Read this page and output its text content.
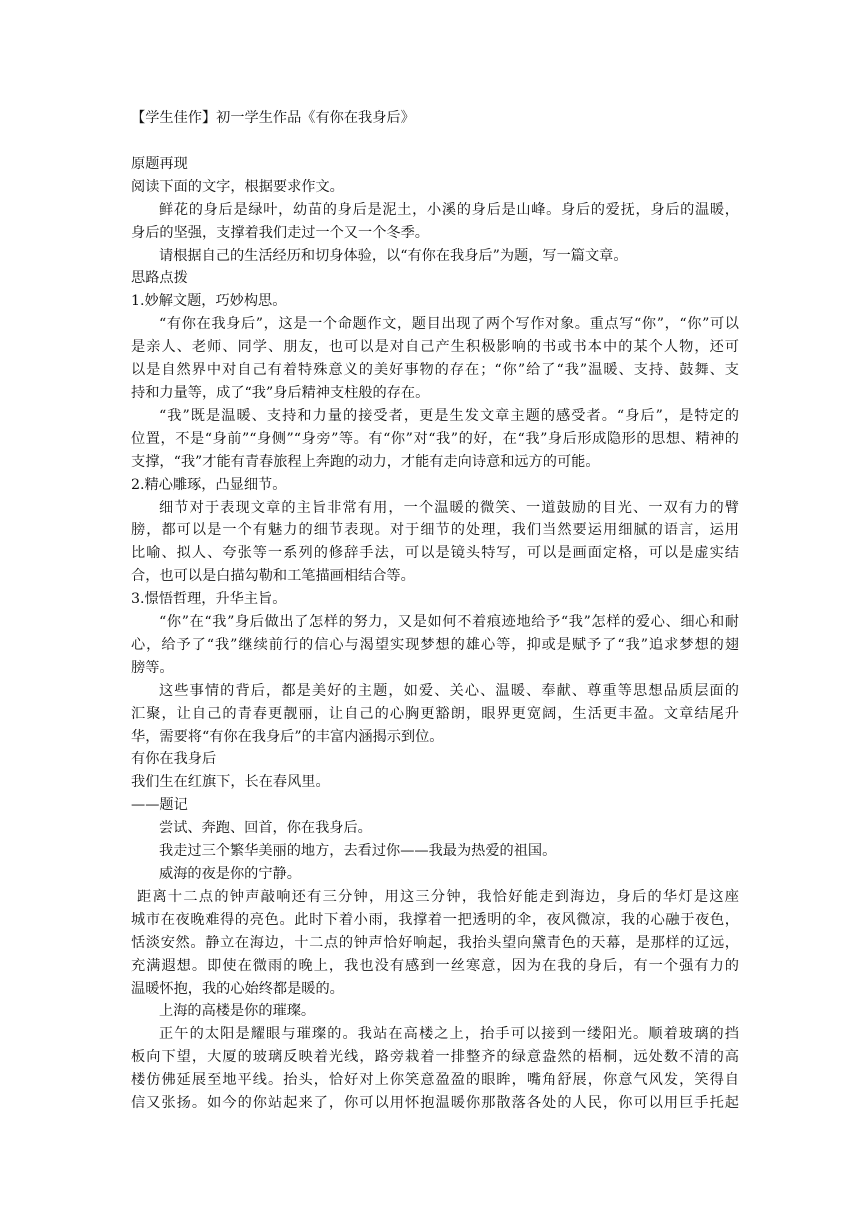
【学生佳作】初一学生作品《有你在我身后》
原题再现
阅读下面的文字，根据要求作文。
鲜花的身后是绿叶，幼苗的身后是泥土，小溪的身后是山峰。身后的爱抚，身后的温暖，
身后的坚强，支撑着我们走过一个又一个冬季。
请根据自己的生活经历和切身体验，以“有你在我身后”为题，写一篇文章。
思路点拨
1.妙解文题，巧妙构思。
“有你在我身后”，这是一个命题作文，题目出现了两个写作对象。重点写“你”，“你”可以
是亲人、老师、同学、朋友，也可以是对自己产生积极影响的书或书本中的某个人物，还可
以是自然界中对自己有着特殊意义的美好事物的存在；“你”给了“我”温暖、支持、鼓舞、支
持和力量等，成了“我”身后精神支柱般的存在。
“我”既是温暖、支持和力量的接受者，更是生发文章主题的感受者。“身后”，是特定的
位置，不是“身前”“身侧”“身旁”等。有“你”对“我”的好，在“我”身后形成隐形的思想、精神的
支撑，“我”才能有青春旅程上奔跑的动力，才能有走向诗意和远方的可能。
2.精心雕琢，凸显细节。
细节对于表现文章的主旨非常有用，一个温暖的微笑、一道鼓励的目光、一双有力的臂
膀，都可以是一个有魅力的细节表现。对于细节的处理，我们当然要运用细腻的语言，运用
比喻、拟人、夸张等一系列的修辞手法，可以是镜头特写，可以是画面定格，可以是虚实结
合，也可以是白描勾勒和工笔描画相结合等。
3.憬悟哲理，升华主旨。
“你”在“我”身后做出了怎样的努力，又是如何不着痕迹地给予“我”怎样的爱心、细心和耐
心，给予了“我”继续前行的信心与渴望实现梦想的雄心等，抑或是赋予了“我”追求梦想的翅
膀等。
这些事情的背后，都是美好的主题，如爱、关心、温暖、奉献、尊重等思想品质层面的
汇聚，让自己的青春更靓丽，让自己的心胸更豁朗，眼界更宽阔，生活更丰盈。文章结尾升
华，需要将“有你在我身后”的丰富内涵揭示到位。
有你在我身后
我们生在红旗下，长在春风里。
——题记
尝试、奔跑、回首，你在我身后。
我走过三个繁华美丽的地方，去看过你——我最为热爱的祖国。
威海的夜是你的宁静。
距离十二点的钟声敲响还有三分钟，用这三分钟，我恰好能走到海边，身后的华灯是这座
城市在夜晚难得的亮色。此时下着小雨，我撑着一把透明的伞，夜风微凉，我的心融于夜色，
恬淡安然。静立在海边，十二点的钟声恰好响起，我抬头望向黛青色的天幕，是那样的辽远，
充满遐想。即使在微雨的晚上，我也没有感到一丝寒意，因为在我的身后，有一个强有力的
温暖怀抱，我的心始终都是暖的。
上海的高楼是你的璀璨。
正午的太阳是耀眼与璀璨的。我站在高楼之上，抬手可以接到一缕阳光。顺着玻璃的挡
板向下望，大厦的玻璃反映着光线，路旁栽着一排整齐的绿意盎然的梧桐，远处数不清的高
楼仿佛延展至地平线。抬头，恰好对上你笑意盈盈的眼眸，嘴角舒展，你意气风发，笑得自
信又张扬。如今的你站起来了，你可以用怀抱温暖你那散落各处的人民，你可以用巨手托起
